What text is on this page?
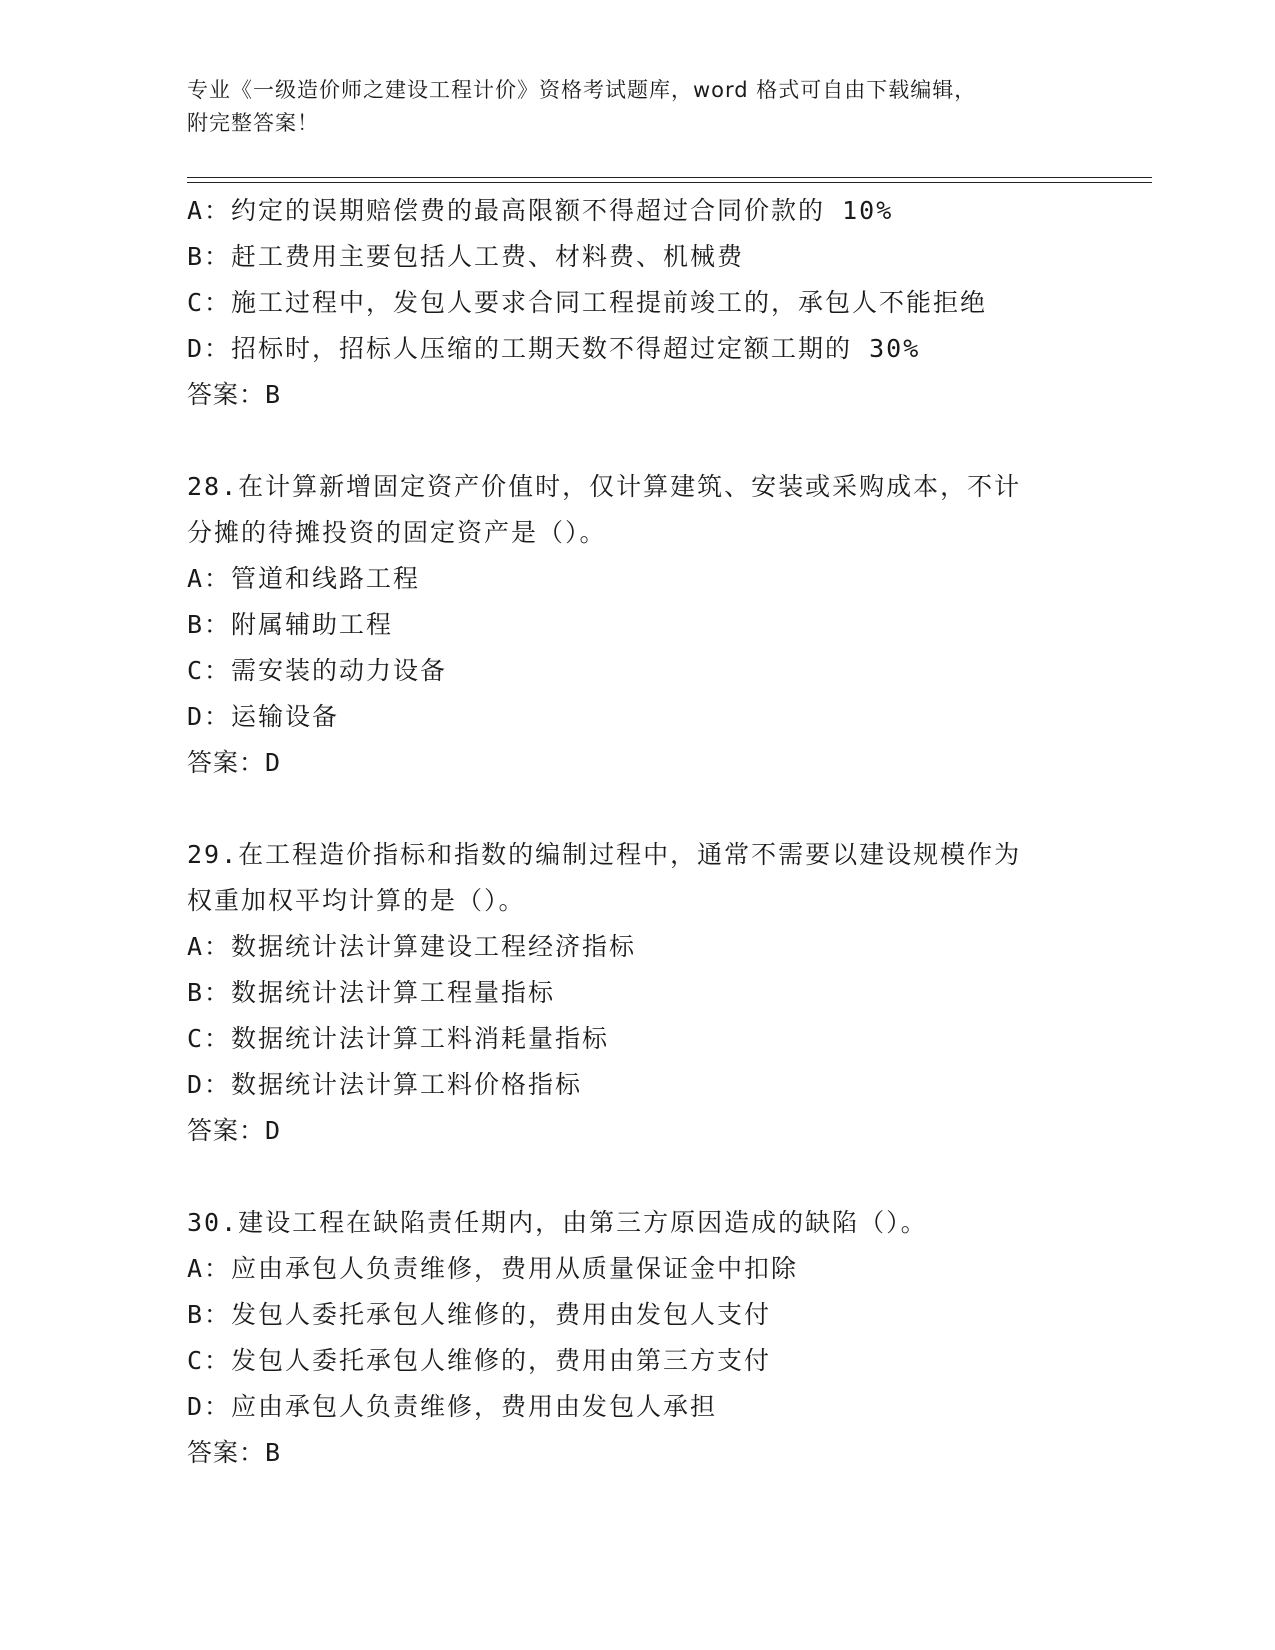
专业《一级造价师之建设工程计价》资格考试题库，word 格式可自由下载编辑，
附完整答案！
A：约定的误期赔偿费的最高限额不得超过合同价款的 10%
B：赶工费用主要包括人工费、材料费、机械费
C：施工过程中，发包人要求合同工程提前竣工的，承包人不能拒绝
D：招标时，招标人压缩的工期天数不得超过定额工期的 30%
答案：B
28.在计算新增固定资产价值时，仅计算建筑、安装或采购成本，不计
分摊的待摊投资的固定资产是（）。
A：管道和线路工程
B：附属辅助工程
C：需安装的动力设备
D：运输设备
答案：D
29.在工程造价指标和指数的编制过程中，通常不需要以建设规模作为
权重加权平均计算的是（）。
A：数据统计法计算建设工程经济指标
B：数据统计法计算工程量指标
C：数据统计法计算工料消耗量指标
D：数据统计法计算工料价格指标
答案：D
30.建设工程在缺陷责任期内，由第三方原因造成的缺陷（）。
A：应由承包人负责维修，费用从质量保证金中扣除
B：发包人委托承包人维修的，费用由发包人支付
C：发包人委托承包人维修的，费用由第三方支付
D：应由承包人负责维修，费用由发包人承担
答案：B
